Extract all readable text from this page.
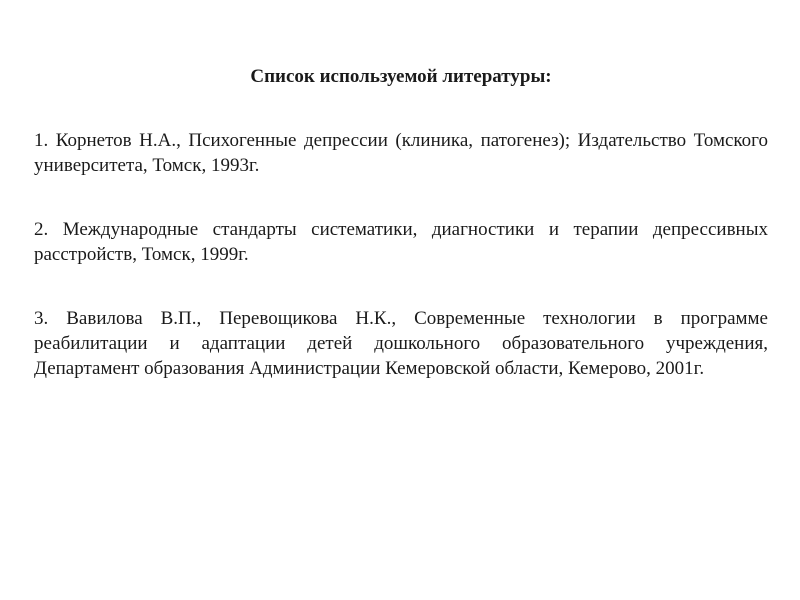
Список используемой литературы:
1. Корнетов Н.А., Психогенные депрессии (клиника, патогенез); Издательство Томского университета, Томск, 1993г.
2. Международные стандарты систематики, диагностики и терапии депрессивных расстройств, Томск, 1999г.
3. Вавилова В.П., Перевощикова Н.К., Современные технологии в программе реабилитации и адаптации детей дошкольного образовательного учреждения, Департамент образования Администрации Кемеровской области, Кемерово, 2001г.
